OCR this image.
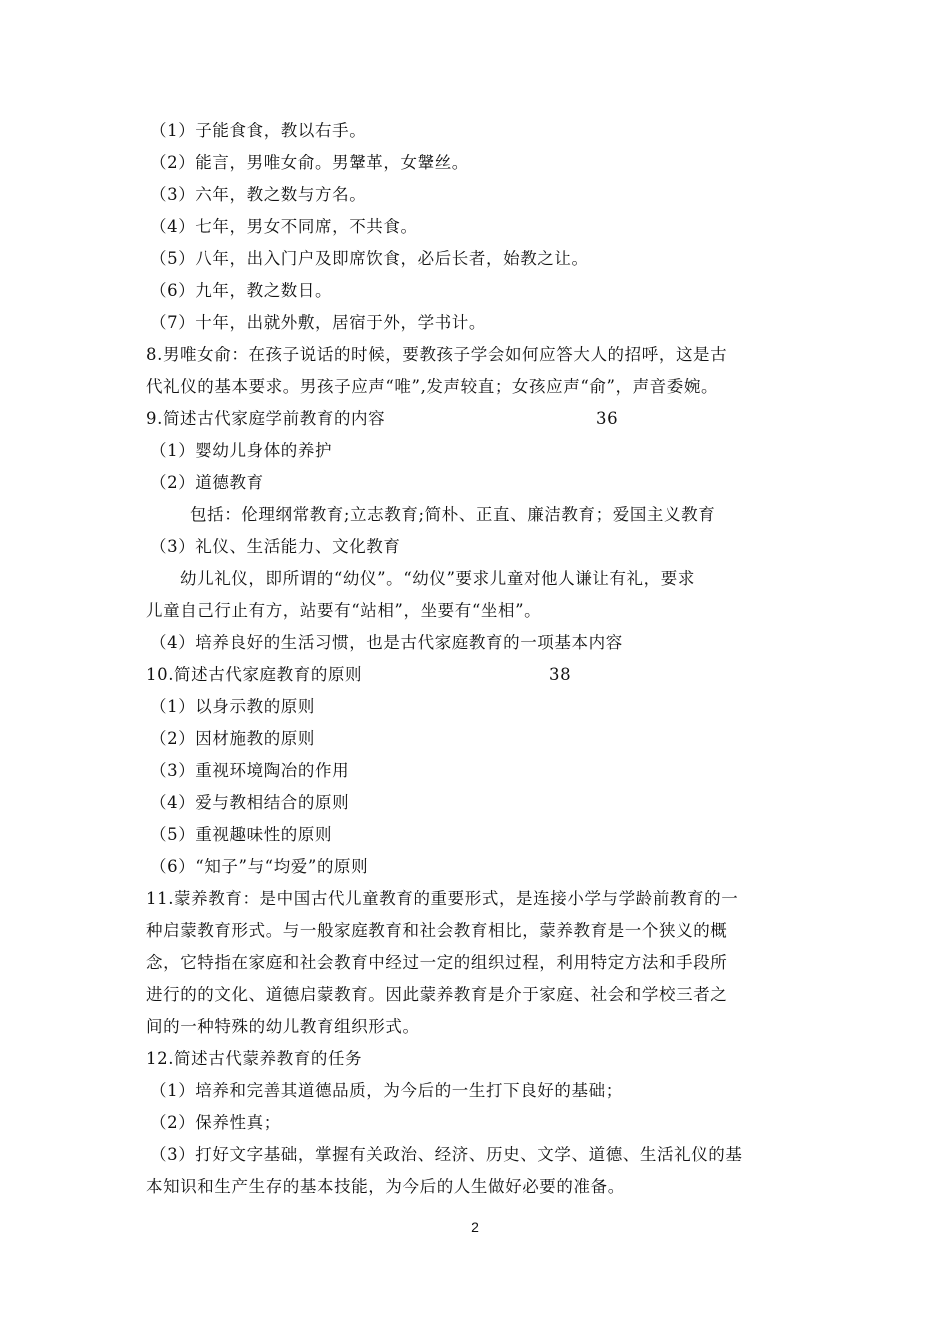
（1）子能食食，教以右手。
（2）能言，男唯女俞。男鞶革，女鞶丝。
（3）六年，教之数与方名。
（4）七年，男女不同席，不共食。
（5）八年，出入门户及即席饮食，必后长者，始教之让。
（6）九年，教之数日。
（7）十年，出就外敷，居宿于外，学书计。
8.男唯女俞：在孩子说话的时候，要教孩子学会如何应答大人的招呼，这是古
代礼仪的基本要求。男孩子应声“唯”,发声较直；女孩应声“俞”，声音委婉。
9.简述古代家庭学前教育的内容	36
（1）婴幼儿身体的养护
（2）道德教育
包括：伦理纲常教育;立志教育;简朴、正直、廉洁教育；爱国主义教育
（3）礼仪、生活能力、文化教育
幼儿礼仪，即所谓的“幼仪”。“幼仪”要求儿童对他人谦让有礼，要求
儿童自己行止有方，站要有“站相”，坐要有“坐相”。
（4）培养良好的生活习惯，也是古代家庭教育的一项基本内容
10.简述古代家庭教育的原则	38
（1）以身示教的原则
（2）因材施教的原则
（3）重视环境陶冶的作用
（4）爱与教相结合的原则
（5）重视趣味性的原则
（6）“知子”与“均爱”的原则
11.蒙养教育：是中国古代儿童教育的重要形式，是连接小学与学龄前教育的一
种启蒙教育形式。与一般家庭教育和社会教育相比，蒙养教育是一个狭义的概
念，它特指在家庭和社会教育中经过一定的组织过程，利用特定方法和手段所
进行的的文化、道德启蒙教育。因此蒙养教育是介于家庭、社会和学校三者之
间的一种特殊的幼儿教育组织形式。
12.简述古代蒙养教育的任务
（1）培养和完善其道德品质，为今后的一生打下良好的基础；
（2）保养性真；
（3）打好文字基础，掌握有关政治、经济、历史、文学、道德、生活礼仪的基
本知识和生产生存的基本技能，为今后的人生做好必要的准备。
2
